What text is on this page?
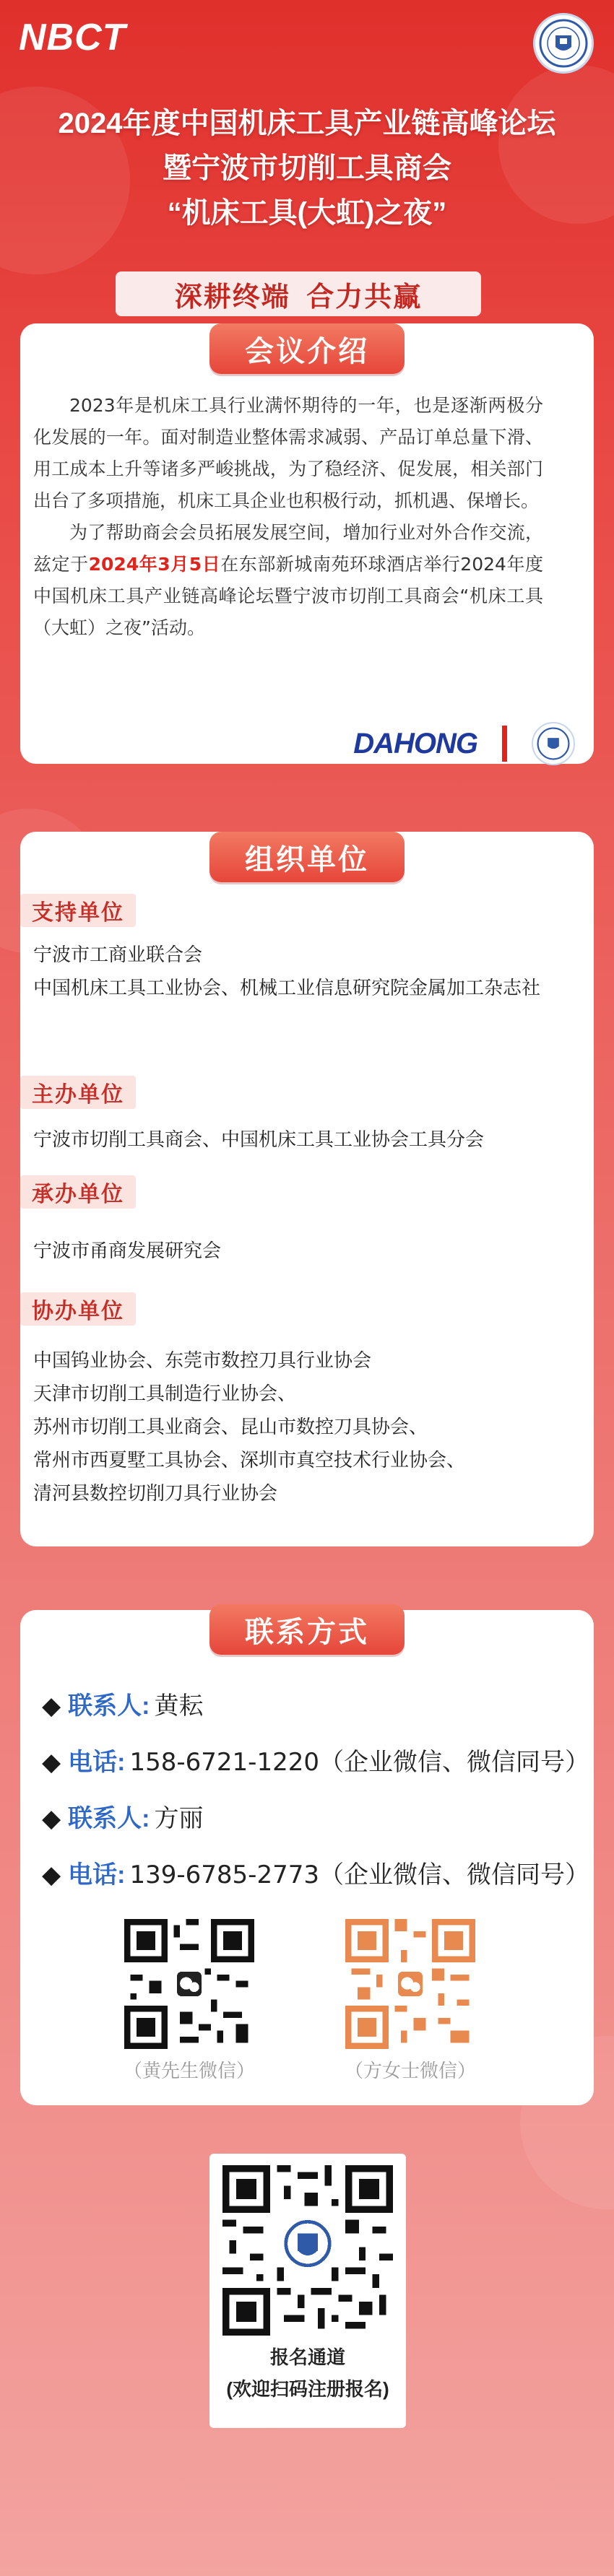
NBCT
2024年度中国机床工具产业链高峰论坛
暨宁波市切削工具商会
“机床工具(大虹)之夜”
深耕终端 合力共赢
会议介绍

2023年是机床工具行业满怀期待的一年，也是逐渐两极分化发展的一年。面对制造业整体需求减弱、产品订单总量下滑、用工成本上升等诸多严峻挑战，为了稳经济、促发展，相关部门出台了多项措施，机床工具企业也积极行动，抓机遇、保增长。

为了帮助商会会员拓展发展空间，增加行业对外合作交流，兹定于2024年3月5日在东部新城南苑环球酒店举行2024年度中国机床工具产业链高峰论坛暨宁波市切削工具商会“机床工具（大虹）之夜”活动。

DAHONG
组织单位
支持单位
宁波市工商业联合会
中国机床工具工业协会、机械工业信息研究院金属加工杂志社
主办单位
宁波市切削工具商会、中国机床工具工业协会工具分会
承办单位
宁波市甬商发展研究会
协办单位
中国钨业协会、东莞市数控刀具行业协会
天津市切削工具制造行业协会、
苏州市切削工具业商会、昆山市数控刀具协会、
常州市西夏墅工具协会、深圳市真空技术行业协会、
清河县数控切削刀具行业协会
联系方式
◆ 联系人: 黄耘
◆ 电话: 158-6721-1220（企业微信、微信同号）
◆ 联系人: 方丽
◆ 电话: 139-6785-2773（企业微信、微信同号）
（黄先生微信）	（方女士微信）
报名通道
(欢迎扫码注册报名)
